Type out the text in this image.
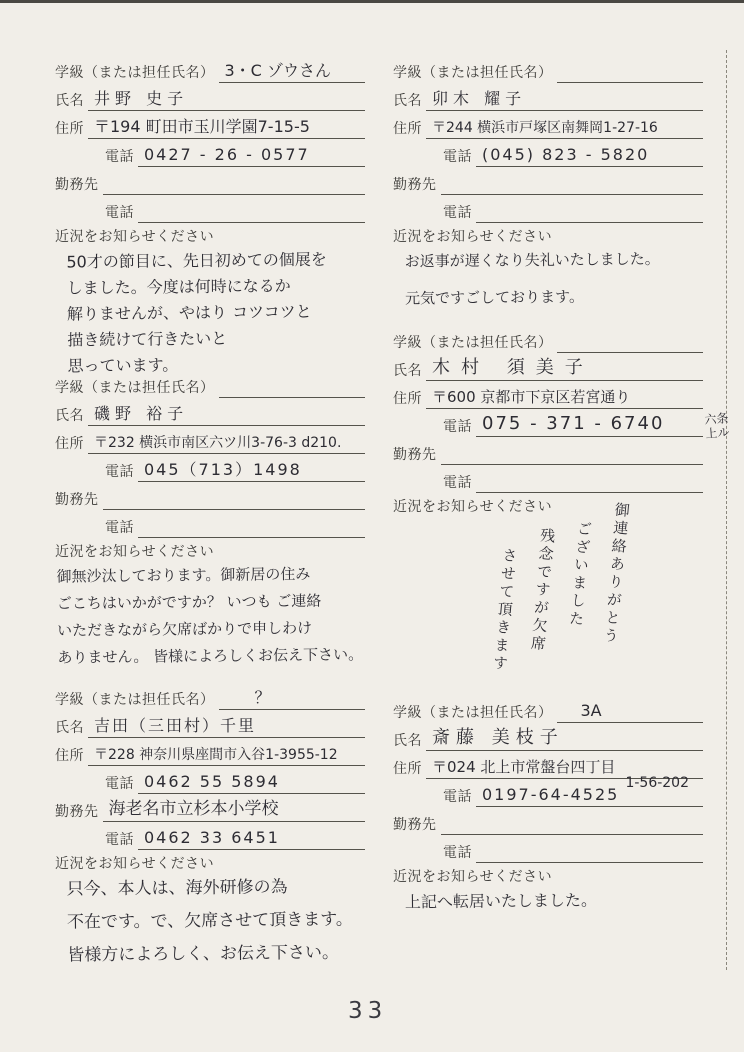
学級（または担任氏名） 3・C ゾウさん
氏名 井野 史子
住所 〒194 町田市玉川学園7-15-5
電話 0427 - 26 - 0577
勤務先
電話
近況をお知らせください
50才の節目に、先日初めての個展を
しました。今度は何時になるか
解りませんが、やはり コツコツと
描き続けて行きたいと
思っています。
学級（または担任氏名）
氏名 磯野 裕子
住所 〒232 横浜市南区六ツ川3-76-3 d210.
電話 045（713）1498
勤務先
電話
近況をお知らせください
御無沙汰しております。御新居の住み
ごこちはいかがですか？ いつも ご連絡
いただきながら欠席ばかりで申しわけ
ありません。 皆様によろしくお伝え下さい。
学級（または担任氏名）	？
氏名 吉田（三田村）千里
住所 〒228 神奈川県座間市入谷1-3955-12
電話 0462 55 5894
勤務先 海老名市立杉本小学校
電話 0462 33 6451
近況をお知らせください
只今、本人は、海外研修の為
不在です。で、欠席させて頂きます。
皆様方によろしく、お伝え下さい。
学級（または担任氏名）
氏名 卯木 耀子
住所 〒244 横浜市戸塚区南舞岡1-27-16
電話 (045) 823 - 5820
勤務先
電話
近況をお知らせください
お返事が遅くなり失礼いたしました。
元気ですごしております。
学級（または担任氏名）
氏名 木村 須美子
住所 〒600 京都市下京区若宮通り
電話 075 - 371 - 6740
勤務先
電話
近況をお知らせください
六条
上ル
御連絡ありがとう ございました 残念ですが欠席 させて頂きます
学級（または担任氏名）	3A
氏名 斎藤 美枝子
住所 〒024 北上市常盤台四丁目
電話 0197-64-4525
勤務先
電話
近況をお知らせください
1-56-202
上記へ転居いたしました。
33
